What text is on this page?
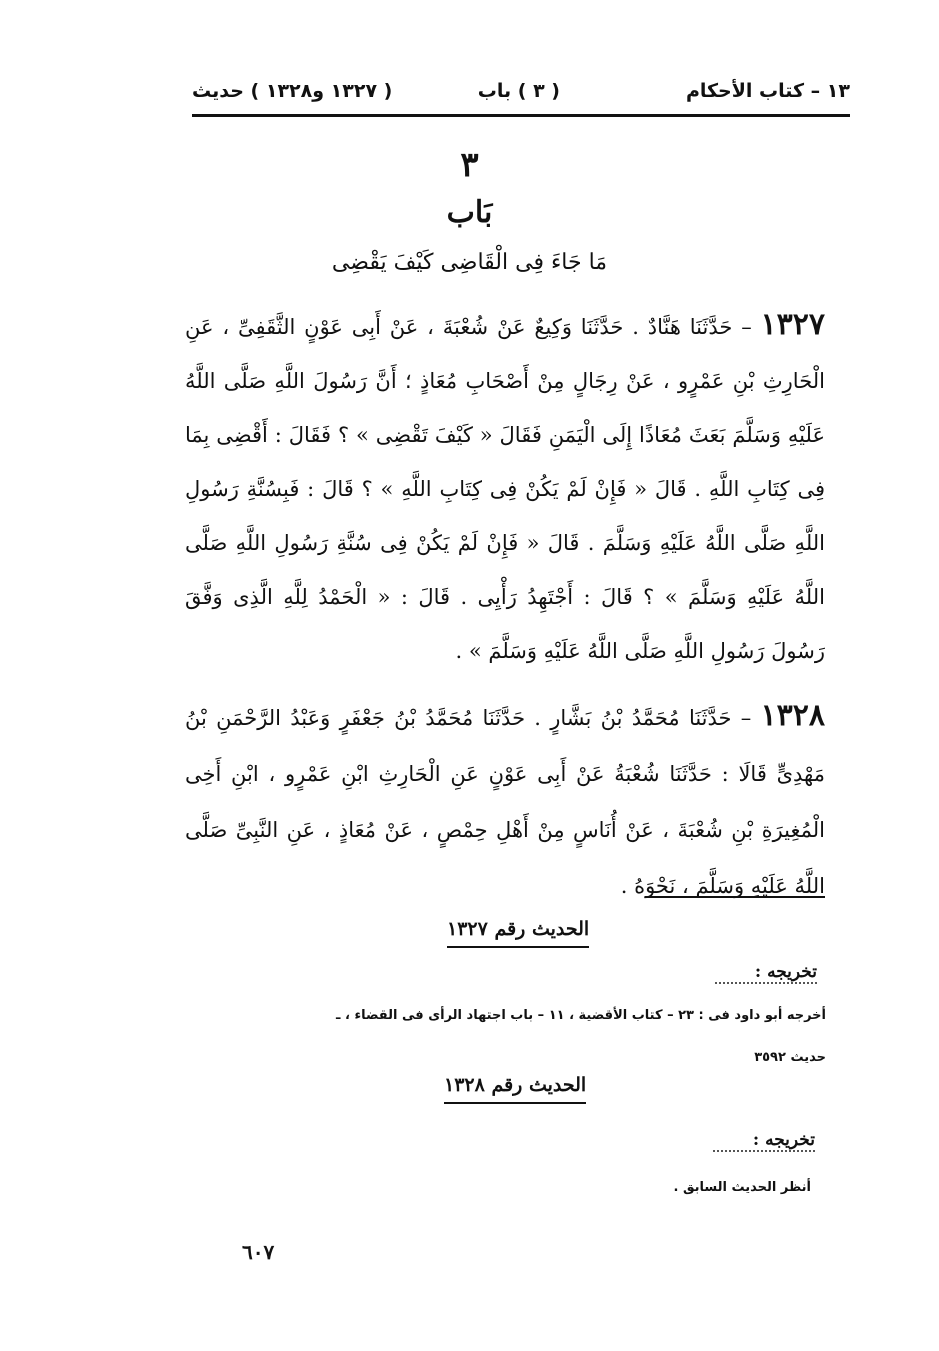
١٣ – كتاب الأحكام
( ٣ ) باب
( ١٣٢٧ و١٣٢٨ ) حديث
٣
بَاب
مَا جَاءَ فِى الْقَاضِى كَيْفَ يَقْضِى
١٣٢٧ – حَدَّثَنَا هَنَّادٌ . حَدَّثَنَا وَكِيعٌ عَنْ شُعْبَةَ ، عَنْ أَبِى عَوْنٍ الثَّقَفِىِّ ، عَنِ الْحَارِثِ بْنِ عَمْرٍو ، عَنْ رِجَالٍ مِنْ أَصْحَابِ مُعَاذٍ ؛ أَنَّ رَسُولَ اللَّهِ صَلَّى اللَّهُ عَلَيْهِ وَسَلَّمَ بَعَثَ مُعَاذًا إِلَى الْيَمَنِ فَقَالَ « كَيْفَ تَقْضِى » ؟ فَقَالَ : أَقْضِى بِمَا فِى كِتَابِ اللَّهِ . قَالَ « فَإِنْ لَمْ يَكُنْ فِى كِتَابِ اللَّهِ » ؟ قَالَ : فَبِسُنَّةِ رَسُولِ اللَّهِ صَلَّى اللَّهُ عَلَيْهِ وَسَلَّمَ . قَالَ « فَإِنْ لَمْ يَكُنْ فِى سُنَّةِ رَسُولِ اللَّهِ صَلَّى اللَّهُ عَلَيْهِ وَسَلَّمَ » ؟ قَالَ : أَجْتَهِدُ رَأْيِى . قَالَ : « الْحَمْدُ لِلَّهِ الَّذِى وَفَّقَ رَسُولَ رَسُولِ اللَّهِ صَلَّى اللَّهُ عَلَيْهِ وَسَلَّمَ » .
١٣٢٨ – حَدَّثَنَا مُحَمَّدُ بْنُ بَشَّارٍ . حَدَّثَنَا مُحَمَّدُ بْنُ جَعْفَرٍ وَعَبْدُ الرَّحْمَنِ بْنُ مَهْدِىٍّ قَالَا : حَدَّثَنَا شُعْبَةُ عَنْ أَبِى عَوْنٍ عَنِ الْحَارِثِ ابْنِ عَمْرٍو ، ابْنِ أَخِى الْمُغِيرَةِ بْنِ شُعْبَةَ ، عَنْ أُنَاسٍ مِنْ أَهْلِ حِمْصٍ ، عَنْ مُعَاذٍ ، عَنِ النَّبِىِّ صَلَّى اللَّهُ عَلَيْهِ وَسَلَّمَ ، نَحْوَهُ .
الحديث رقم ١٣٢٧
تخريجه :
أخرجه أبو داود فى : ٢٣ – كتاب الأقضية ، ١١ – باب اجتهاد الرأى فى القضاء ، ـ
حديث ٣٥٩٢
الحديث رقم ١٣٢٨
تخريجه :
أنظر الحديث السابق .
٦٠٧
